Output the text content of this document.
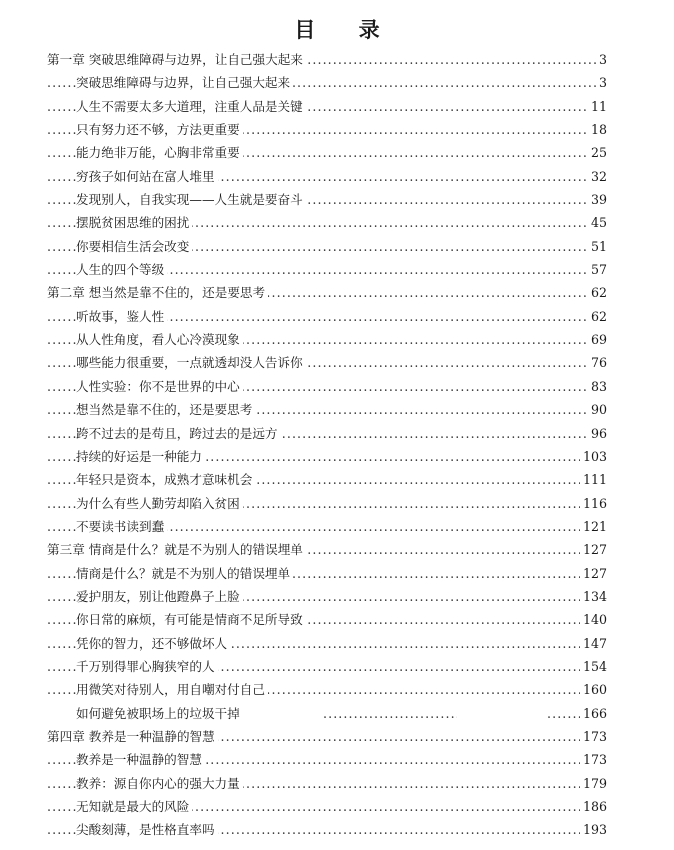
目 录
.....
第一章 突破思维障碍与边界，让自己强大起来	3
.....
突破思维障碍与边界，让自己强大起来	3
.....
人生不需要太多大道理，注重人品是关键	11
.....
只有努力还不够，方法更重要	18
.....
能力绝非万能，心胸非常重要	25
.....
穷孩子如何站在富人堆里	32
.....
发现别人，自我实现——人生就是要奋斗	39
.....
摆脱贫困思维的困扰	45
.....
你要相信生活会改变	51
.....
人生的四个等级	57
.....
第二章 想当然是靠不住的，还是要思考	62
.....
听故事，鉴人性	62
.....
从人性角度，看人心冷漠现象	69
.....
哪些能力很重要，一点就透却没人告诉你	76
.....
人性实验：你不是世界的中心	83
.....
想当然是靠不住的，还是要思考	90
.....
跨不过去的是苟且，跨过去的是远方	96
.....
持续的好运是一种能力	103
.....
年轻只是资本，成熟才意味机会	111
.....
为什么有些人勤劳却陷入贫困	116
.....
不要读书读到蠢	121
.....
第三章 情商是什么？就是不为别人的错误埋单	127
.....
情商是什么？就是不为别人的错误埋单	127
.....
爱护朋友，别让他蹬鼻子上脸	134
.....
你日常的麻烦，有可能是情商不足所导致	140
.....
凭你的智力，还不够做坏人	147
.....
千万别得罪心胸狭窄的人	154
.....
用微笑对待别人，用自嘲对付自己	160
.....
.....
如何避免被职场上的垃圾干掉	166
.....
第四章 教养是一种温静的智慧	173
.....
教养是一种温静的智慧	173
.....
教养：源自你内心的强大力量	179
.....
无知就是最大的风险	186
.....
尖酸刻薄，是性格直率吗	193
